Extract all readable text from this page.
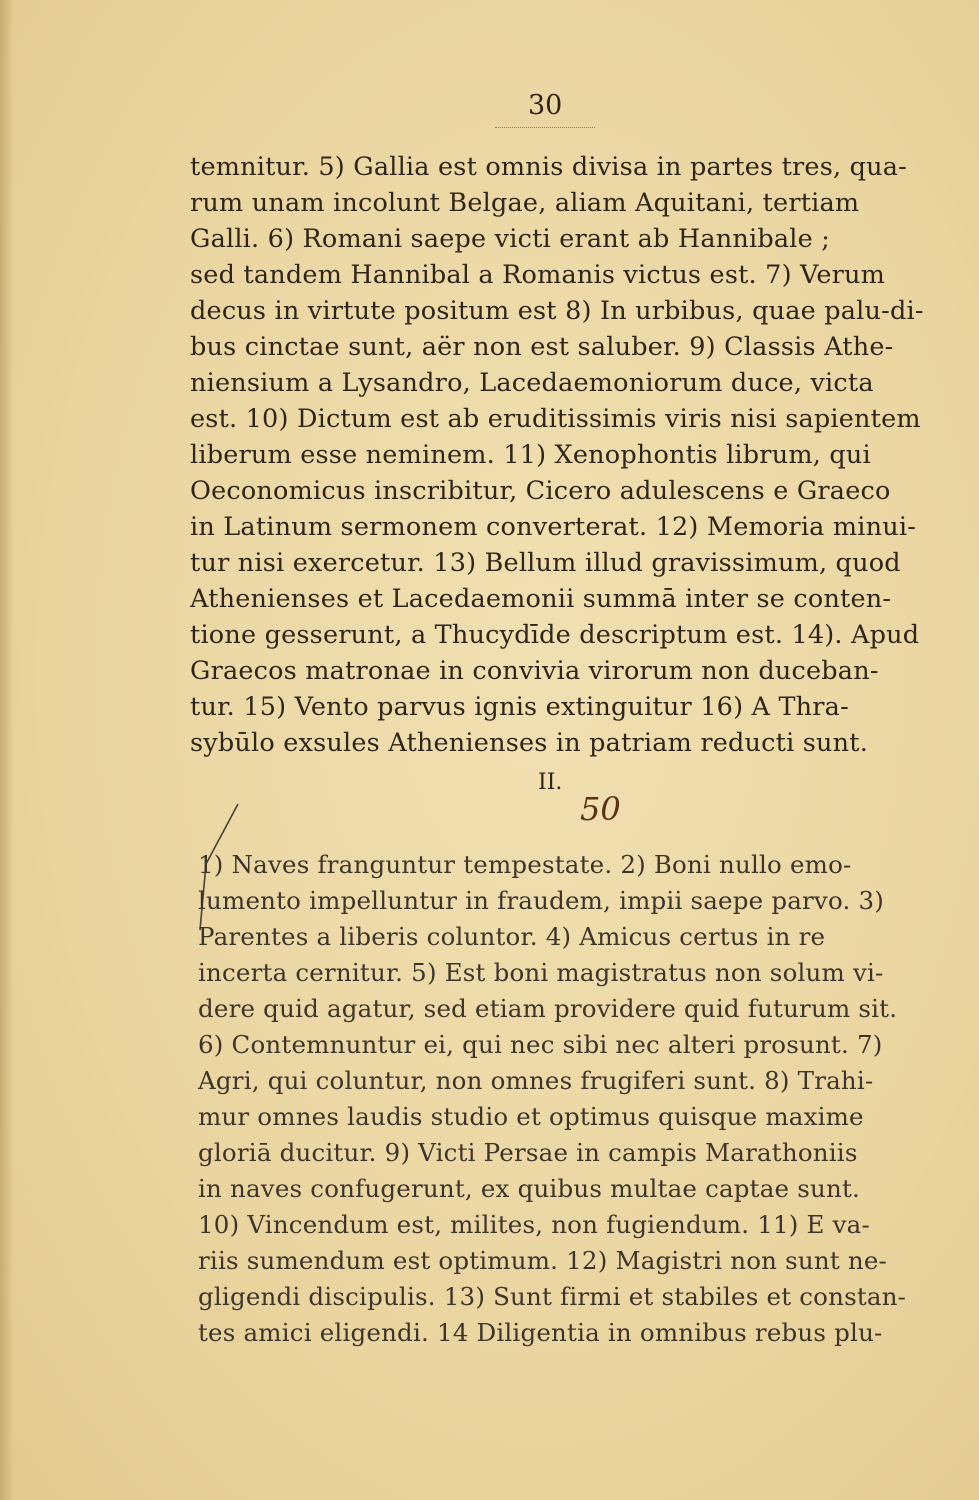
30
temnitur. 5) Gallia est omnis divisa in partes tres, qua-
rum unam incolunt Belgae, aliam Aquitani, tertiam
Galli. 6) Romani saepe victi erant ab Hannibale ;
sed tandem Hannibal a Romanis victus est. 7) Verum
decus in virtute positum est 8) In urbibus, quae palu-di-
bus cinctae sunt, aër non est saluber. 9) Classis Athe-
niensium a Lysandro, Lacedaemoniorum duce, victa
est. 10) Dictum est ab eruditissimis viris nisi sapientem
liberum esse neminem. 11) Xenophontis librum, qui
Oeconomicus inscribitur, Cicero adulescens e Graeco
in Latinum sermonem converterat. 12) Memoria minui-
tur nisi exercetur. 13) Bellum illud gravissimum, quod
Athenienses et Lacedaemonii summā inter se conten-
tione gesserunt, a Thucydīde descriptum est. 14). Apud
Graecos matronae in convivia virorum non duceban-
tur. 15) Vento parvus ignis extinguitur 16) A Thra-
sybūlo exsules Athenienses in patriam reducti sunt.
II.
50
1) Naves franguntur tempestate. 2) Boni nullo emo-
lumento impelluntur in fraudem, impii saepe parvo. 3)
Parentes a liberis coluntor. 4) Amicus certus in re
incerta cernitur. 5) Est boni magistratus non solum vi-
dere quid agatur, sed etiam providere quid futurum sit.
6) Contemnuntur ei, qui nec sibi nec alteri prosunt. 7)
Agri, qui coluntur, non omnes frugiferi sunt. 8) Trahi-
mur omnes laudis studio et optimus quisque maxime
gloriā ducitur. 9) Victi Persae in campis Marathoniis
in naves confugerunt, ex quibus multae captae sunt.
10) Vincendum est, milites, non fugiendum. 11) E va-
riis sumendum est optimum. 12) Magistri non sunt ne-
gligendi discipulis. 13) Sunt firmi et stabiles et constan-
tes amici eligendi. 14 Diligentia in omnibus rebus plu-
